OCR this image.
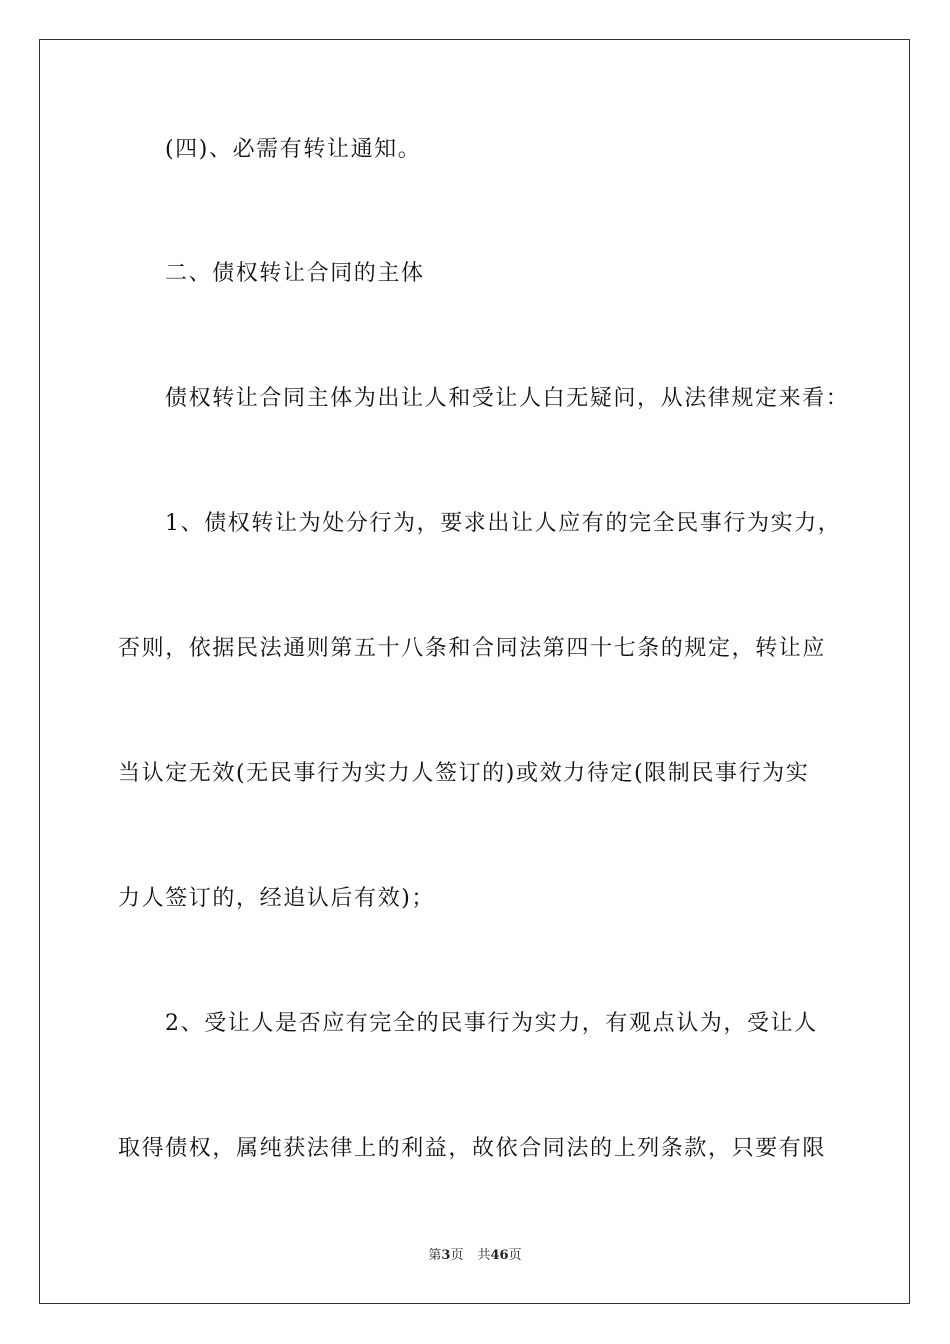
(四)、必需有转让通知。
二、债权转让合同的主体
债权转让合同主体为出让人和受让人白无疑问，从法律规定来看：
1、债权转让为处分行为，要求出让人应有的完全民事行为实力，
否则，依据民法通则第五十八条和合同法第四十七条的规定，转让应
当认定无效(无民事行为实力人签订的)或效力待定(限制民事行为实
力人签订的，经追认后有效)；
2、受让人是否应有完全的民事行为实力，有观点认为，受让人
取得债权，属纯获法律上的利益，故依合同法的上列条款，只要有限
第3页 共46页
